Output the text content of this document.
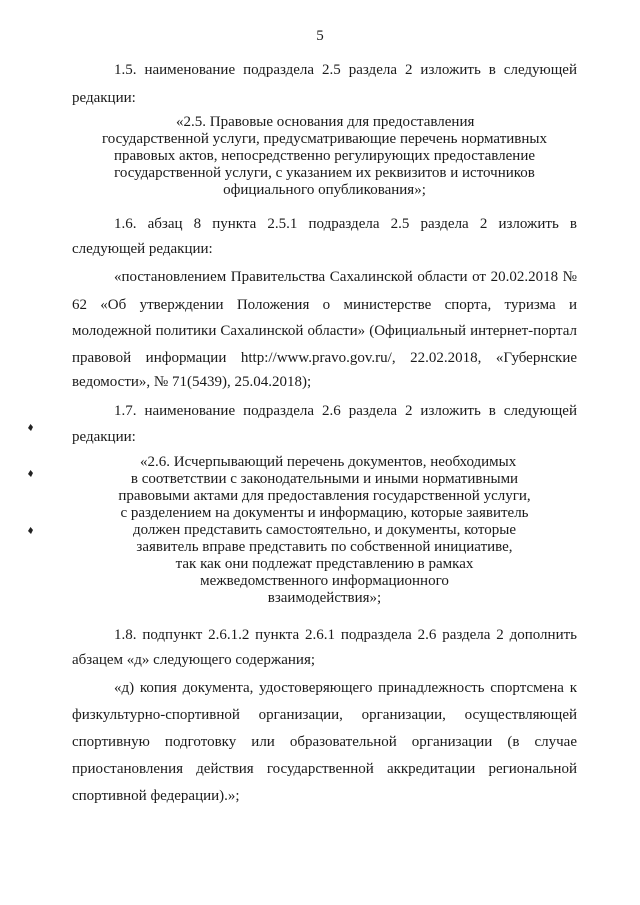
5
1.5. наименование подраздела 2.5 раздела 2 изложить в следующей
редакции:
«2.5. Правовые основания для предоставления
государственной услуги, предусматривающие перечень нормативных
правовых актов, непосредственно регулирующих предоставление
государственной услуги, с указанием их реквизитов и источников
официального опубликования»;
1.6. абзац 8 пункта 2.5.1 подраздела 2.5 раздела 2 изложить в
следующей редакции:
«постановлением Правительства Сахалинской области от 20.02.2018 №
62 «Об утверждении Положения о министерстве спорта, туризма и
молодежной политики Сахалинской области» (Официальный интернет-портал
правовой информации http://www.pravo.gov.ru/, 22.02.2018, «Губернские
ведомости», № 71(5439), 25.04.2018);
1.7. наименование подраздела 2.6 раздела 2 изложить в следующей
редакции:
«2.6. Исчерпывающий перечень документов, необходимых
в соответствии с законодательными и иными нормативными
правовыми актами для предоставления государственной услуги,
с разделением на документы и информацию, которые заявитель
должен представить самостоятельно, и документы, которые
заявитель вправе представить по собственной инициативе,
так как они подлежат представлению в рамках
межведомственного информационного
взаимодействия»;
1.8. подпункт 2.6.1.2 пункта 2.6.1 подраздела 2.6 раздела 2 дополнить
абзацем «д» следующего содержания;
«д) копия документа, удостоверяющего принадлежность спортсмена к
физкультурно-спортивной организации, организации, осуществляющей
спортивную подготовку или образовательной организации (в случае
приостановления действия государственной аккредитации региональной
спортивной федерации).»;
